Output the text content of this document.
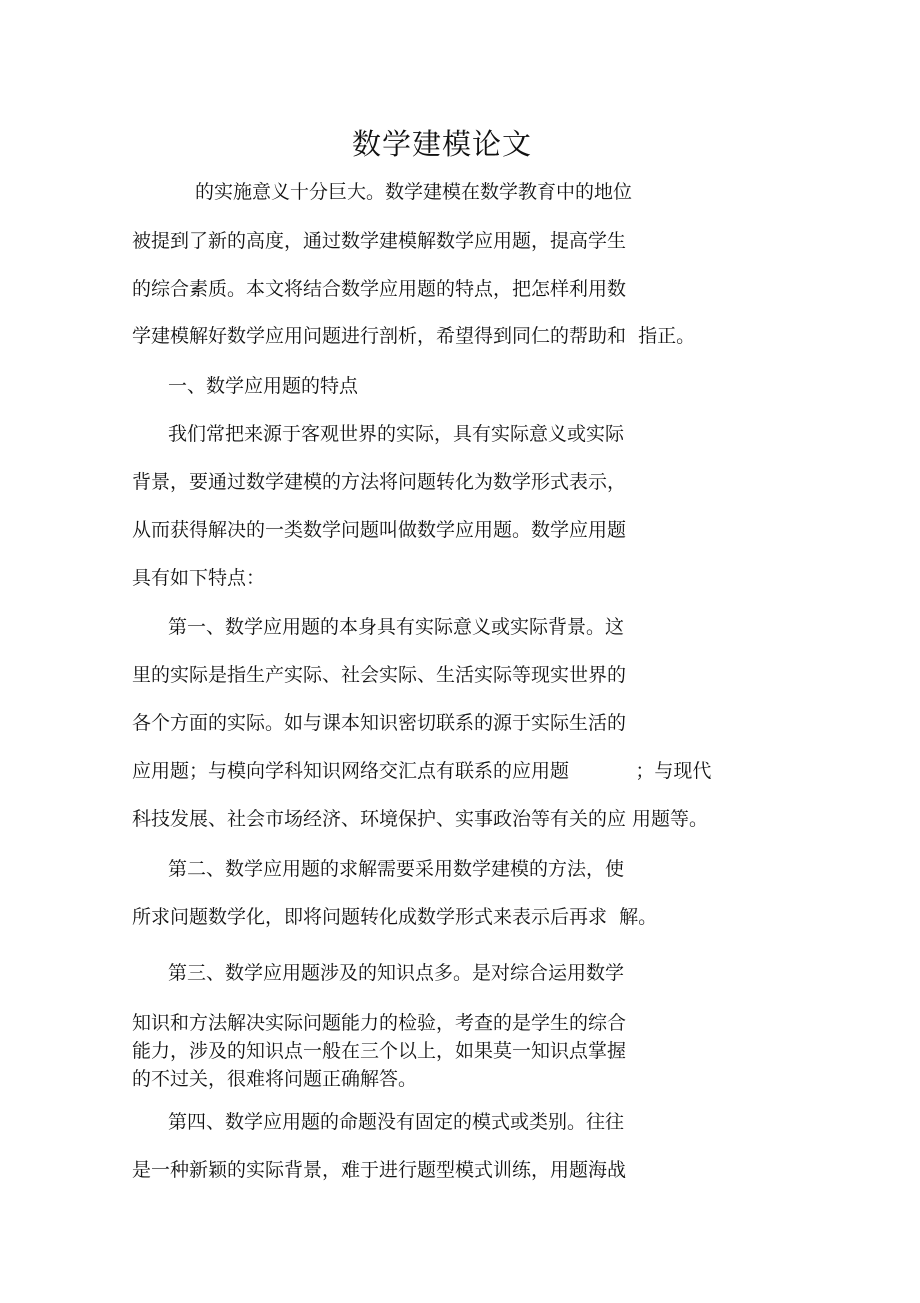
数学建模论文
的实施意义十分巨大。数学建模在数学教育中的地位
被提到了新的高度，通过数学建模解数学应用题，提高学生
的综合素质。本文将结合数学应用题的特点，把怎样利用数
学建模解好数学应用问题进行剖析，希望得到同仁的帮助和  指正。
一、数学应用题的特点
我们常把来源于客观世界的实际，具有实际意义或实际
背景，要通过数学建模的方法将问题转化为数学形式表示，
从而获得解决的一类数学问题叫做数学应用题。数学应用题
具有如下特点：
第一、数学应用题的本身具有实际意义或实际背景。这
里的实际是指生产实际、社会实际、生活实际等现实世界的
各个方面的实际。如与课本知识密切联系的源于实际生活的
应用题；与模向学科知识网络交汇点有联系的应用题           ；与现代
科技发展、社会市场经济、环境保护、实事政治等有关的应 用题等。
第二、数学应用题的求解需要采用数学建模的方法，使
所求问题数学化，即将问题转化成数学形式来表示后再求  解。
第三、数学应用题涉及的知识点多。是对综合运用数学
知识和方法解决实际问题能力的检验，考查的是学生的综合
能力，涉及的知识点一般在三个以上，如果莫一知识点掌握
的不过关，很难将问题正确解答。
第四、数学应用题的命题没有固定的模式或类别。往往
是一种新颖的实际背景，难于进行题型模式训练，用题海战
